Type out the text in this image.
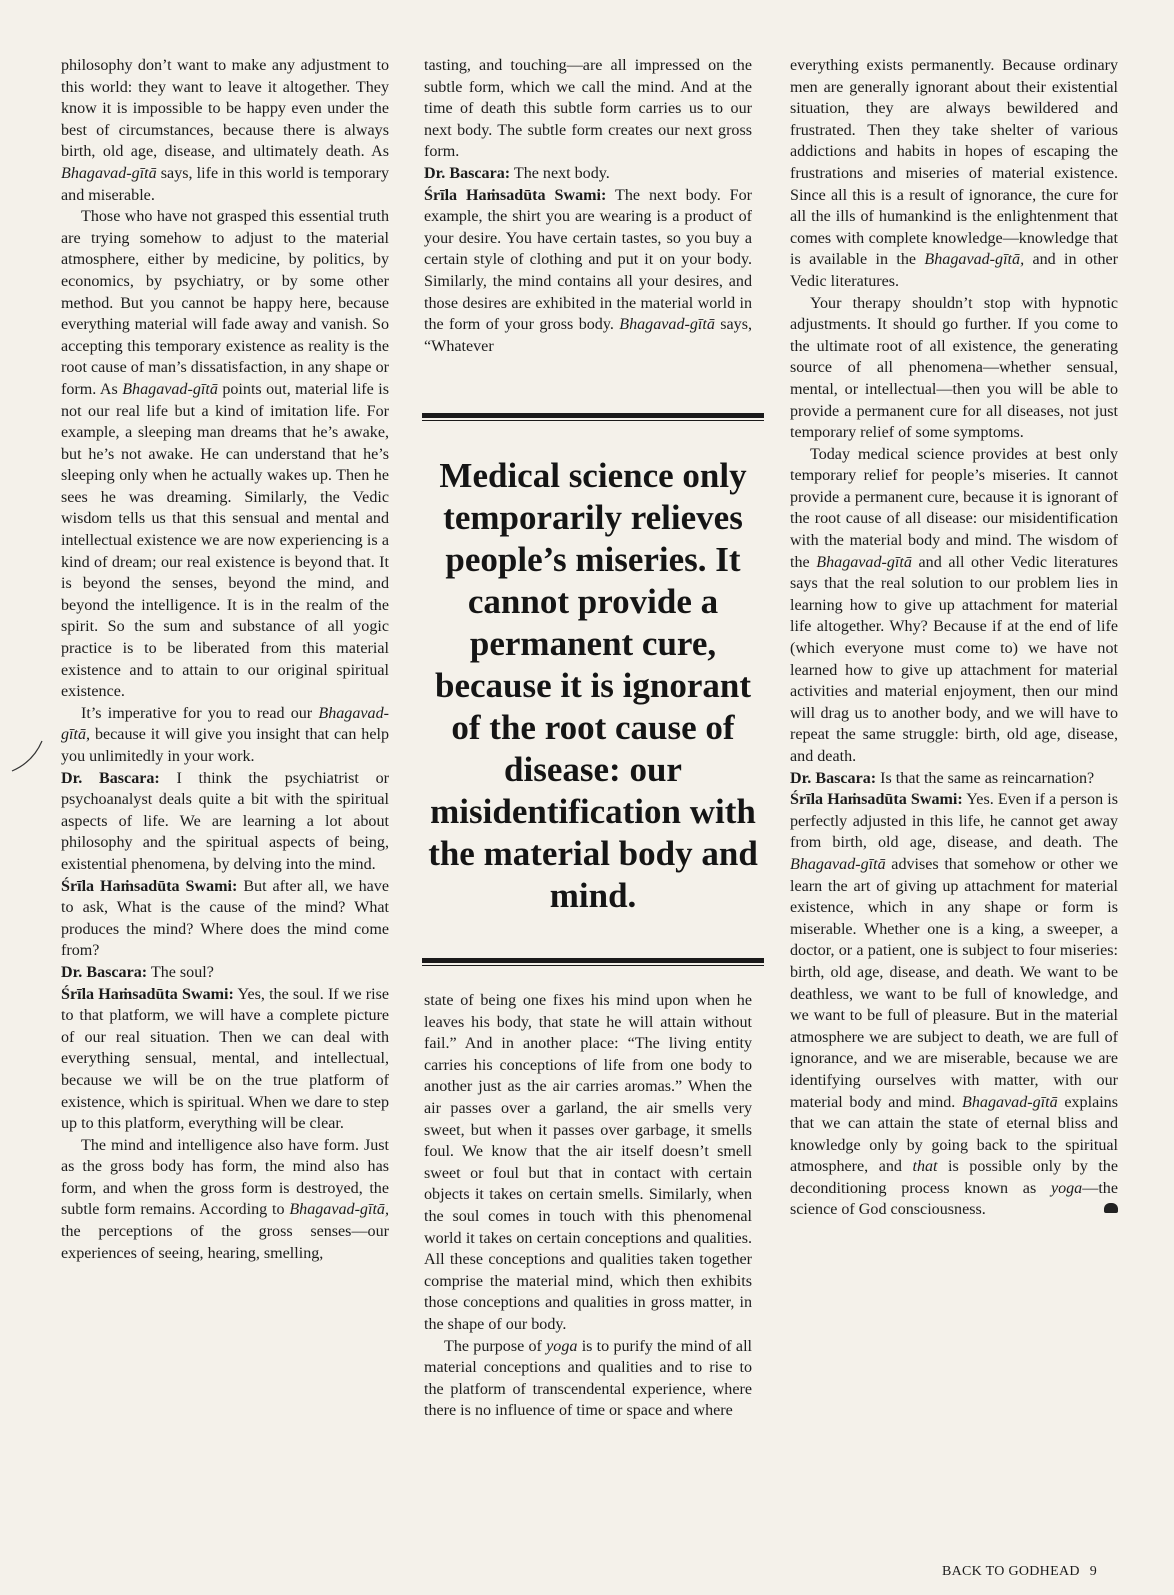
philosophy don’t want to make any adjustment to this world: they want to leave it altogether. They know it is impossible to be happy even under the best of circumstances, because there is always birth, old age, disease, and ultimately death. As Bhagavad-gītā says, life in this world is temporary and miserable.

Those who have not grasped this essential truth are trying somehow to adjust to the material atmosphere, either by medicine, by politics, by economics, by psychiatry, or by some other method. But you cannot be happy here, because everything material will fade away and vanish. So accepting this temporary existence as reality is the root cause of man’s dissatisfaction, in any shape or form. As Bhagavad-gītā points out, material life is not our real life but a kind of imitation life. For example, a sleeping man dreams that he’s awake, but he’s not awake. He can understand that he’s sleeping only when he actually wakes up. Then he sees he was dreaming. Similarly, the Vedic wisdom tells us that this sensual and mental and intellectual existence we are now experiencing is a kind of dream; our real existence is beyond that. It is beyond the senses, beyond the mind, and beyond the intelligence. It is in the realm of the spirit. So the sum and substance of all yogic practice is to be liberated from this material existence and to attain to our original spiritual existence.

It’s imperative for you to read our Bhagavad-gītā, because it will give you insight that can help you unlimitedly in your work.

Dr. Bascara: I think the psychiatrist or psychoanalyst deals quite a bit with the spiritual aspects of life. We are learning a lot about philosophy and the spiritual aspects of being, existential phenomena, by delving into the mind.

Śrīla Haṁsadūta Swami: But after all, we have to ask, What is the cause of the mind? What produces the mind? Where does the mind come from?

Dr. Bascara: The soul?

Śrīla Haṁsadūta Swami: Yes, the soul. If we rise to that platform, we will have a complete picture of our real situation. Then we can deal with everything sensual, mental, and intellectual, because we will be on the true platform of existence, which is spiritual. When we dare to step up to this platform, everything will be clear.

The mind and intelligence also have form. Just as the gross body has form, the mind also has form, and when the gross form is destroyed, the subtle form remains. According to Bhagavad-gītā, the perceptions of the gross senses—our experiences of seeing, hearing, smelling,

tasting, and touching—are all impressed on the subtle form, which we call the mind. And at the time of death this subtle form carries us to our next body. The subtle form creates our next gross form.

Dr. Bascara: The next body.

Śrīla Haṁsadūta Swami: The next body. For example, the shirt you are wearing is a product of your desire. You have certain tastes, so you buy a certain style of clothing and put it on your body. Similarly, the mind contains all your desires, and those desires are exhibited in the material world in the form of your gross body. Bhagavad-gītā says, “Whatever

Medical science only temporarily relieves people’s miseries. It cannot provide a permanent cure, because it is ignorant of the root cause of disease: our misidentification with the material body and mind.

state of being one fixes his mind upon when he leaves his body, that state he will attain without fail.” And in another place: “The living entity carries his conceptions of life from one body to another just as the air carries aromas.” When the air passes over a garland, the air smells very sweet, but when it passes over garbage, it smells foul. We know that the air itself doesn’t smell sweet or foul but that in contact with certain objects it takes on certain smells. Similarly, when the soul comes in touch with this phenomenal world it takes on certain conceptions and qualities. All these conceptions and qualities taken together comprise the material mind, which then exhibits those conceptions and qualities in gross matter, in the shape of our body.

The purpose of yoga is to purify the mind of all material conceptions and qualities and to rise to the platform of transcendental experience, where there is no influence of time or space and where

everything exists permanently. Because ordinary men are generally ignorant about their existential situation, they are always bewildered and frustrated. Then they take shelter of various addictions and habits in hopes of escaping the frustrations and miseries of material existence. Since all this is a result of ignorance, the cure for all the ills of humankind is the enlightenment that comes with complete knowledge—knowledge that is available in the Bhagavad-gītā, and in other Vedic literatures.

Your therapy shouldn’t stop with hypnotic adjustments. It should go further. If you come to the ultimate root of all existence, the generating source of all phenomena—whether sensual, mental, or intellectual—then you will be able to provide a permanent cure for all diseases, not just temporary relief of some symptoms.

Today medical science provides at best only temporary relief for people’s miseries. It cannot provide a permanent cure, because it is ignorant of the root cause of all disease: our misidentification with the material body and mind. The wisdom of the Bhagavad-gītā and all other Vedic literatures says that the real solution to our problem lies in learning how to give up attachment for material life altogether. Why? Because if at the end of life (which everyone must come to) we have not learned how to give up attachment for material activities and material enjoyment, then our mind will drag us to another body, and we will have to repeat the same struggle: birth, old age, disease, and death.

Dr. Bascara: Is that the same as reincarnation?

Śrīla Haṁsadūta Swami: Yes. Even if a person is perfectly adjusted in this life, he cannot get away from birth, old age, disease, and death. The Bhagavad-gītā advises that somehow or other we learn the art of giving up attachment for material existence, which in any shape or form is miserable. Whether one is a king, a sweeper, a doctor, or a patient, one is subject to four miseries: birth, old age, disease, and death. We want to be deathless, we want to be full of knowledge, and we want to be full of pleasure. But in the material atmosphere we are subject to death, we are full of ignorance, and we are miserable, because we are identifying ourselves with matter, with our material body and mind. Bhagavad-gītā explains that we can attain the state of eternal bliss and knowledge only by going back to the spiritual atmosphere, and that is possible only by the deconditioning process known as yoga—the science of God consciousness.

BACK TO GODHEAD 9
